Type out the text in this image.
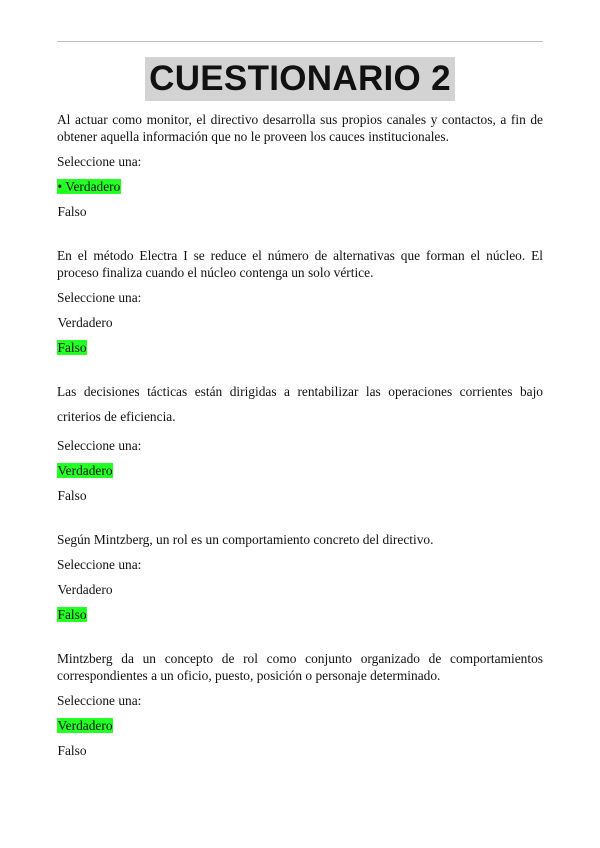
CUESTIONARIO 2

Al actuar como monitor, el directivo desarrolla sus propios canales y contactos, a fin de obtener aquella información que no le proveen los cauces institucionales.

Seleccione una:

• Verdadero

Falso

En el método Electra I se reduce el número de alternativas que forman el núcleo. El proceso finaliza cuando el núcleo contenga un solo vértice.

Seleccione una:

Verdadero

Falso

Las decisiones tácticas están dirigidas a rentabilizar las operaciones corrientes bajo criterios de eficiencia.

Seleccione una:

Verdadero

Falso

Según Mintzberg, un rol es un comportamiento concreto del directivo.

Seleccione una:

Verdadero

Falso

Mintzberg da un concepto de rol como conjunto organizado de comportamientos correspondientes a un oficio, puesto, posición o personaje determinado.

Seleccione una:

Verdadero

Falso
